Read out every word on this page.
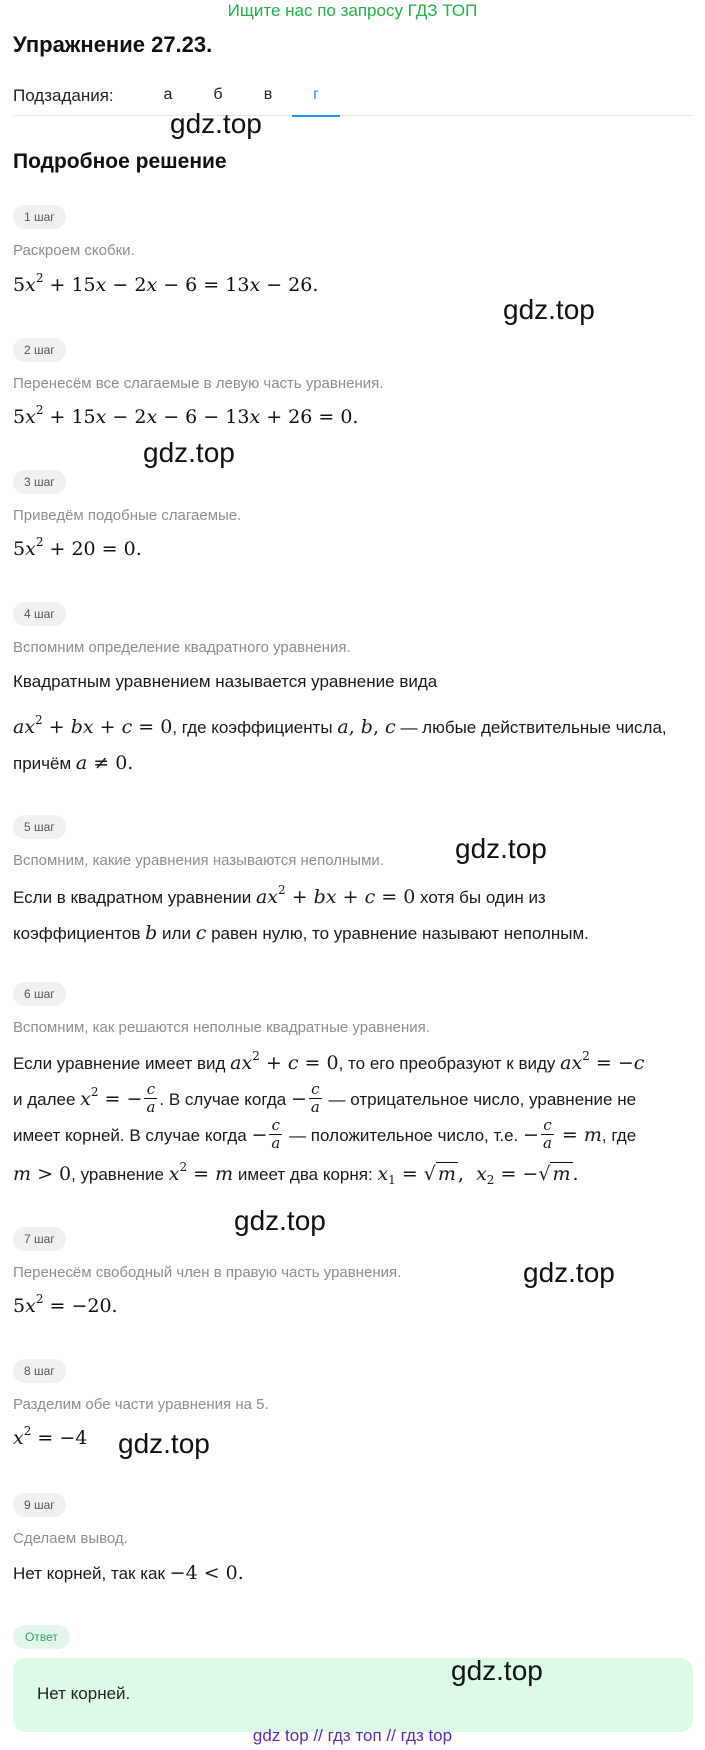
Ищите нас по запросу ГДЗ ТОП
Упражнение 27.23.
Подзадания:	а	б	в	г
Подробное решение
1 шаг
Раскроем скобки.
$5x^2 + 15x - 2x - 6 = 13x - 26$.
2 шаг
Перенесём все слагаемые в левую часть уравнения.
$5x^2 + 15x - 2x - 6 - 13x + 26 = 0$.
3 шаг
Приведём подобные слагаемые.
$5x^2 + 20 = 0$.
4 шаг
Вспомним определение квадратного уравнения.
Квадратным уравнением называется уравнение вида
$ax^2$ + bx + c = 0, где коэффициенты a, b, c — любые действительные числа,
причём a ≠ 0.
5 шаг
Вспомним, какие уравнения называются неполными.
Если в квадратном уравнении $ax^2$ + bx + c = 0 хотя бы один из
коэффициентов b или c равен нулю, то уравнение называют неполным.
6 шаг
Вспомним, как решаются неполные квадратные уравнения.
Если уравнение имеет вид $ax^2 + c = 0$, то его преобразуют к виду $ax^2 = -c$
и далее $x^2$ = − $\frac{c}{a}$ . В случае когда − $\frac{c}{a}$ — отрицательное число, уравнение не
имеет корней. В случае когда − $\frac{c}{a}$ — положительное число, т.е. − $\frac{c}{a} = m$, где
m > 0, уравнение $x^2 = m$ имеет два корня: $x_1$ = √ m ,  $x_2$ = −√ m .
7 шаг
Перенесём свободный член в правую часть уравнения.
$5x^2 = -20$.
8 шаг
Разделим обе части уравнения на 5.
$x^2 = -4$
9 шаг
Сделаем вывод.
Нет корней, так как −4 < 0.
Ответ
Нет корней.
gdz.top
gdz.top
gdz.top
gdz.top
gdz.top
gdz.top
gdz.top
gdz.top
gdz top // гдз топ // гдз top
